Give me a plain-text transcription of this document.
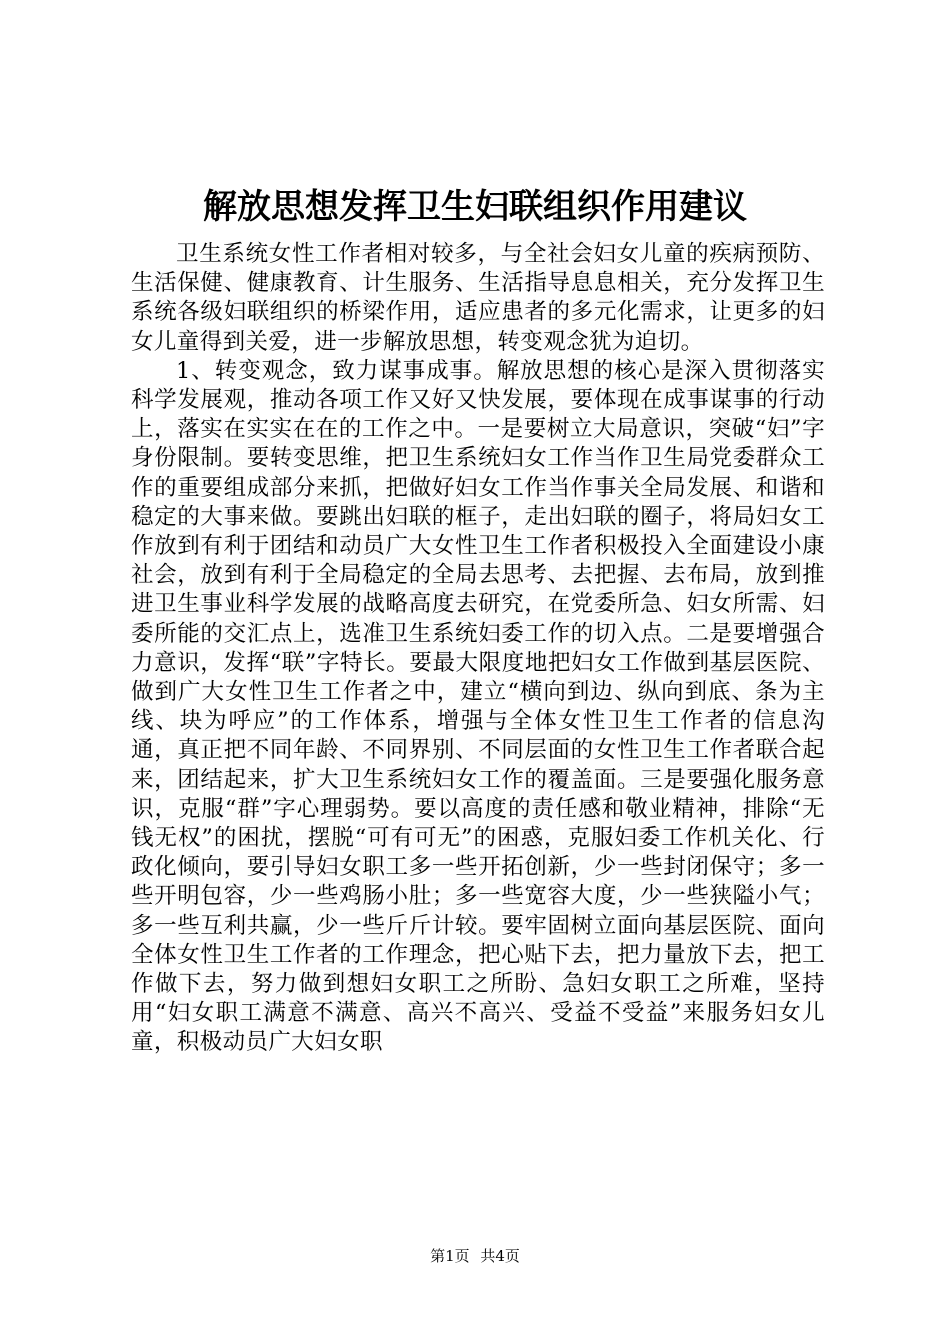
解放思想发挥卫生妇联组织作用建议

卫生系统女性工作者相对较多，与全社会妇女儿童的疾病预防、生活保健、健康教育、计生服务、生活指导息息相关，充分发挥卫生系统各级妇联组织的桥梁作用，适应患者的多元化需求，让更多的妇女儿童得到关爱，进一步解放思想，转变观念犹为迫切。

1、转变观念，致力谋事成事。解放思想的核心是深入贯彻落实科学发展观，推动各项工作又好又快发展，要体现在成事谋事的行动上，落实在实实在在的工作之中。一是要树立大局意识，突破“妇”字身份限制。要转变思维，把卫生系统妇女工作当作卫生局党委群众工作的重要组成部分来抓，把做好妇女工作当作事关全局发展、和谐和稳定的大事来做。要跳出妇联的框子，走出妇联的圈子，将局妇女工作放到有利于团结和动员广大女性卫生工作者积极投入全面建设小康社会，放到有利于全局稳定的全局去思考、去把握、去布局，放到推进卫生事业科学发展的战略高度去研究，在党委所急、妇女所需、妇委所能的交汇点上，选准卫生系统妇委工作的切入点。二是要增强合力意识，发挥“联”字特长。要最大限度地把妇女工作做到基层医院、做到广大女性卫生工作者之中，建立“横向到边、纵向到底、条为主线、块为呼应”的工作体系，增强与全体女性卫生工作者的信息沟通，真正把不同年龄、不同界别、不同层面的女性卫生工作者联合起来，团结起来，扩大卫生系统妇女工作的覆盖面。三是要强化服务意识，克服“群”字心理弱势。要以高度的责任感和敬业精神，排除“无钱无权”的困扰，摆脱“可有可无”的困惑，克服妇委工作机关化、行政化倾向，要引导妇女职工多一些开拓创新，少一些封闭保守；多一些开明包容，少一些鸡肠小肚；多一些宽容大度，少一些狭隘小气；多一些互利共赢，少一些斤斤计较。要牢固树立面向基层医院、面向全体女性卫生工作者的工作理念，把心贴下去，把力量放下去，把工作做下去，努力做到想妇女职工之所盼、急妇女职工之所难，坚持用“妇女职工满意不满意、高兴不高兴、受益不受益”来服务妇女儿童，积极动员广大妇女职

第1页 共4页
